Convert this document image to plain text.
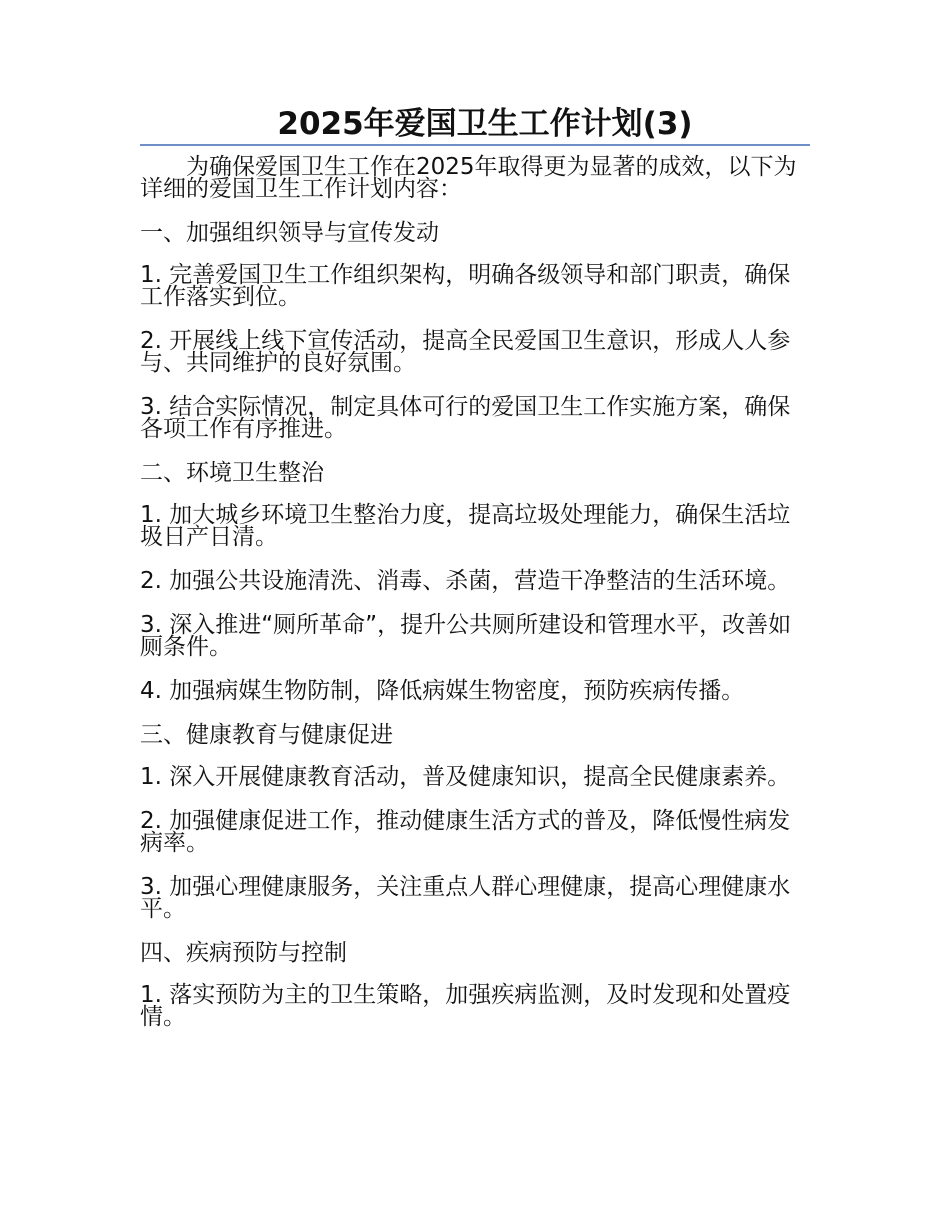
2025年爱国卫生工作计划(3)

为确保爱国卫生工作在2025年取得更为显著的成效，以下为详细的爱国卫生工作计划内容：

一、加强组织领导与宣传发动

1. 完善爱国卫生工作组织架构，明确各级领导和部门职责，确保工作落实到位。

2. 开展线上线下宣传活动，提高全民爱国卫生意识，形成人人参与、共同维护的良好氛围。

3. 结合实际情况，制定具体可行的爱国卫生工作实施方案，确保各项工作有序推进。

二、环境卫生整治

1. 加大城乡环境卫生整治力度，提高垃圾处理能力，确保生活垃圾日产日清。

2. 加强公共设施清洗、消毒、杀菌，营造干净整洁的生活环境。

3. 深入推进“厕所革命”，提升公共厕所建设和管理水平，改善如厕条件。

4. 加强病媒生物防制，降低病媒生物密度，预防疾病传播。

三、健康教育与健康促进

1. 深入开展健康教育活动，普及健康知识，提高全民健康素养。

2. 加强健康促进工作，推动健康生活方式的普及，降低慢性病发病率。

3. 加强心理健康服务，关注重点人群心理健康，提高心理健康水平。

四、疾病预防与控制

1. 落实预防为主的卫生策略，加强疾病监测，及时发现和处置疫情。
